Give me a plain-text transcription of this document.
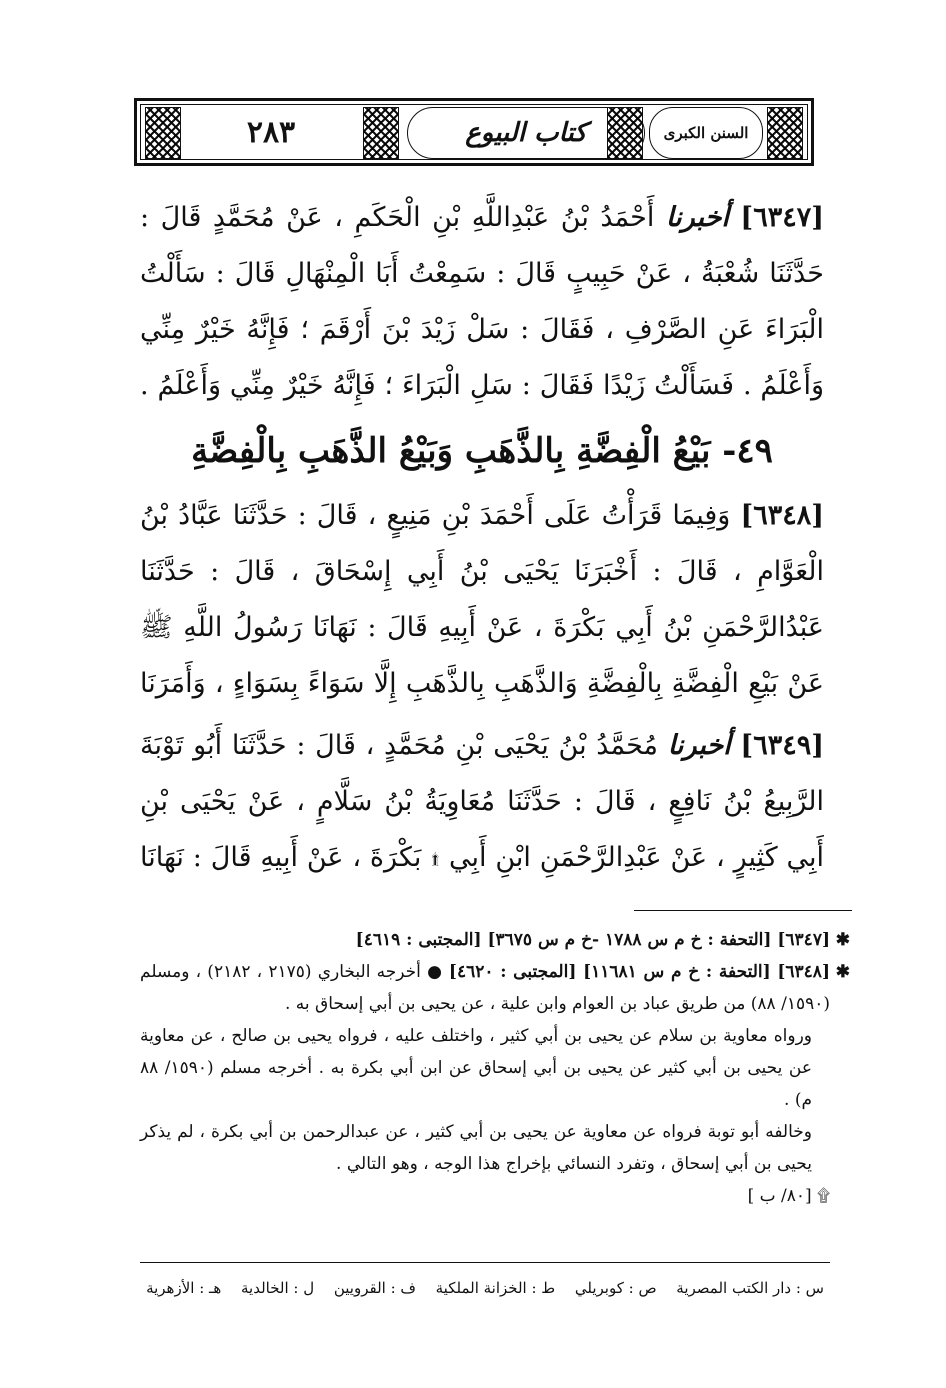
٢٨٣	كتاب البيوع	السنن الكبرى

[٦٣٤٧] أخبرنا أَحْمَدُ بْنُ عَبْدِاللَّهِ بْنِ الْحَكَمِ ، عَنْ مُحَمَّدٍ قَالَ : حَدَّثَنَا شُعْبَةُ ، عَنْ حَبِيبٍ قَالَ : سَمِعْتُ أَبَا الْمِنْهَالِ قَالَ : سَأَلْتُ الْبَرَاءَ عَنِ الصَّرْفِ ، فَقَالَ : سَلْ زَيْدَ بْنَ أَرْقَمَ ؛ فَإِنَّهُ خَيْرٌ مِنِّي وَأَعْلَمُ . فَسَأَلْتُ زَيْدًا فَقَالَ : سَلِ الْبَرَاءَ ؛ فَإِنَّهُ خَيْرٌ مِنِّي وَأَعْلَمُ .

٤٩- بَيْعُ الْفِضَّةِ بِالذَّهَبِ وَبَيْعُ الذَّهَبِ بِالْفِضَّةِ

[٦٣٤٨] وَفِيمَا قَرَأْتُ عَلَى أَحْمَدَ بْنِ مَنِيعٍ ، قَالَ : حَدَّثَنَا عَبَّادُ بْنُ الْعَوَّامِ ، قَالَ : أَخْبَرَنَا يَحْيَى بْنُ أَبِي إِسْحَاقَ ، قَالَ : حَدَّثَنَا عَبْدُالرَّحْمَنِ بْنُ أَبِي بَكْرَةَ ، عَنْ أَبِيهِ قَالَ : نَهَانَا رَسُولُ اللَّهِ ﷺ عَنْ بَيْعِ الْفِضَّةِ بِالْفِضَّةِ وَالذَّهَبِ بِالذَّهَبِ إِلَّا سَوَاءً بِسَوَاءٍ ، وَأَمَرَنَا

[٦٣٤٩] أخبرنا مُحَمَّدُ بْنُ يَحْيَى بْنِ مُحَمَّدٍ ، قَالَ : حَدَّثَنَا أَبُو تَوْبَةَ الرَّبِيعُ بْنُ نَافِعٍ ، قَالَ : حَدَّثَنَا مُعَاوِيَةُ بْنُ سَلَّامٍ ، عَنْ يَحْيَى بْنِ أَبِي كَثِيرٍ ، عَنْ عَبْدِالرَّحْمَنِ ابْنِ أَبِي ۩ بَكْرَةَ ، عَنْ أَبِيهِ قَالَ : نَهَانَا

✱
[٦٣٤٧] [التحفة : خ م س ١٧٨٨ -خ م س ٣٦٧٥] [المجتبى : ٤٦١٩]

✱
[٦٣٤٨] [التحفة : خ م س ١١٦٨١] [المجتبى : ٤٦٢٠] ● أخرجه البخاري (٢١٧٥ ، ٢١٨٢) ، ومسلم (١٥٩٠/ ٨٨) من طريق عباد بن العوام وابن علية ، عن يحيى بن أبي إسحاق به .

ورواه معاوية بن سلام عن يحيى بن أبي كثير ، واختلف عليه ، فرواه يحيى بن صالح ، عن معاوية عن يحيى بن أبي كثير عن يحيى بن أبي إسحاق عن ابن أبي بكرة به . أخرجه مسلم (١٥٩٠/ ٨٨ م) .

وخالفه أبو توبة فرواه عن معاوية عن يحيى بن أبي كثير ، عن عبدالرحمن بن أبي بكرة ، لم يذكر يحيى بن أبي إسحاق ، وتفرد النسائي بإخراج هذا الوجه ، وهو التالي .

۩ [٨٠/ ب ]

س : دار الكتب المصرية
ص : كوبريلي
ط : الخزانة الملكية
ف : القرويين
ل : الخالدية
هـ : الأزهرية
